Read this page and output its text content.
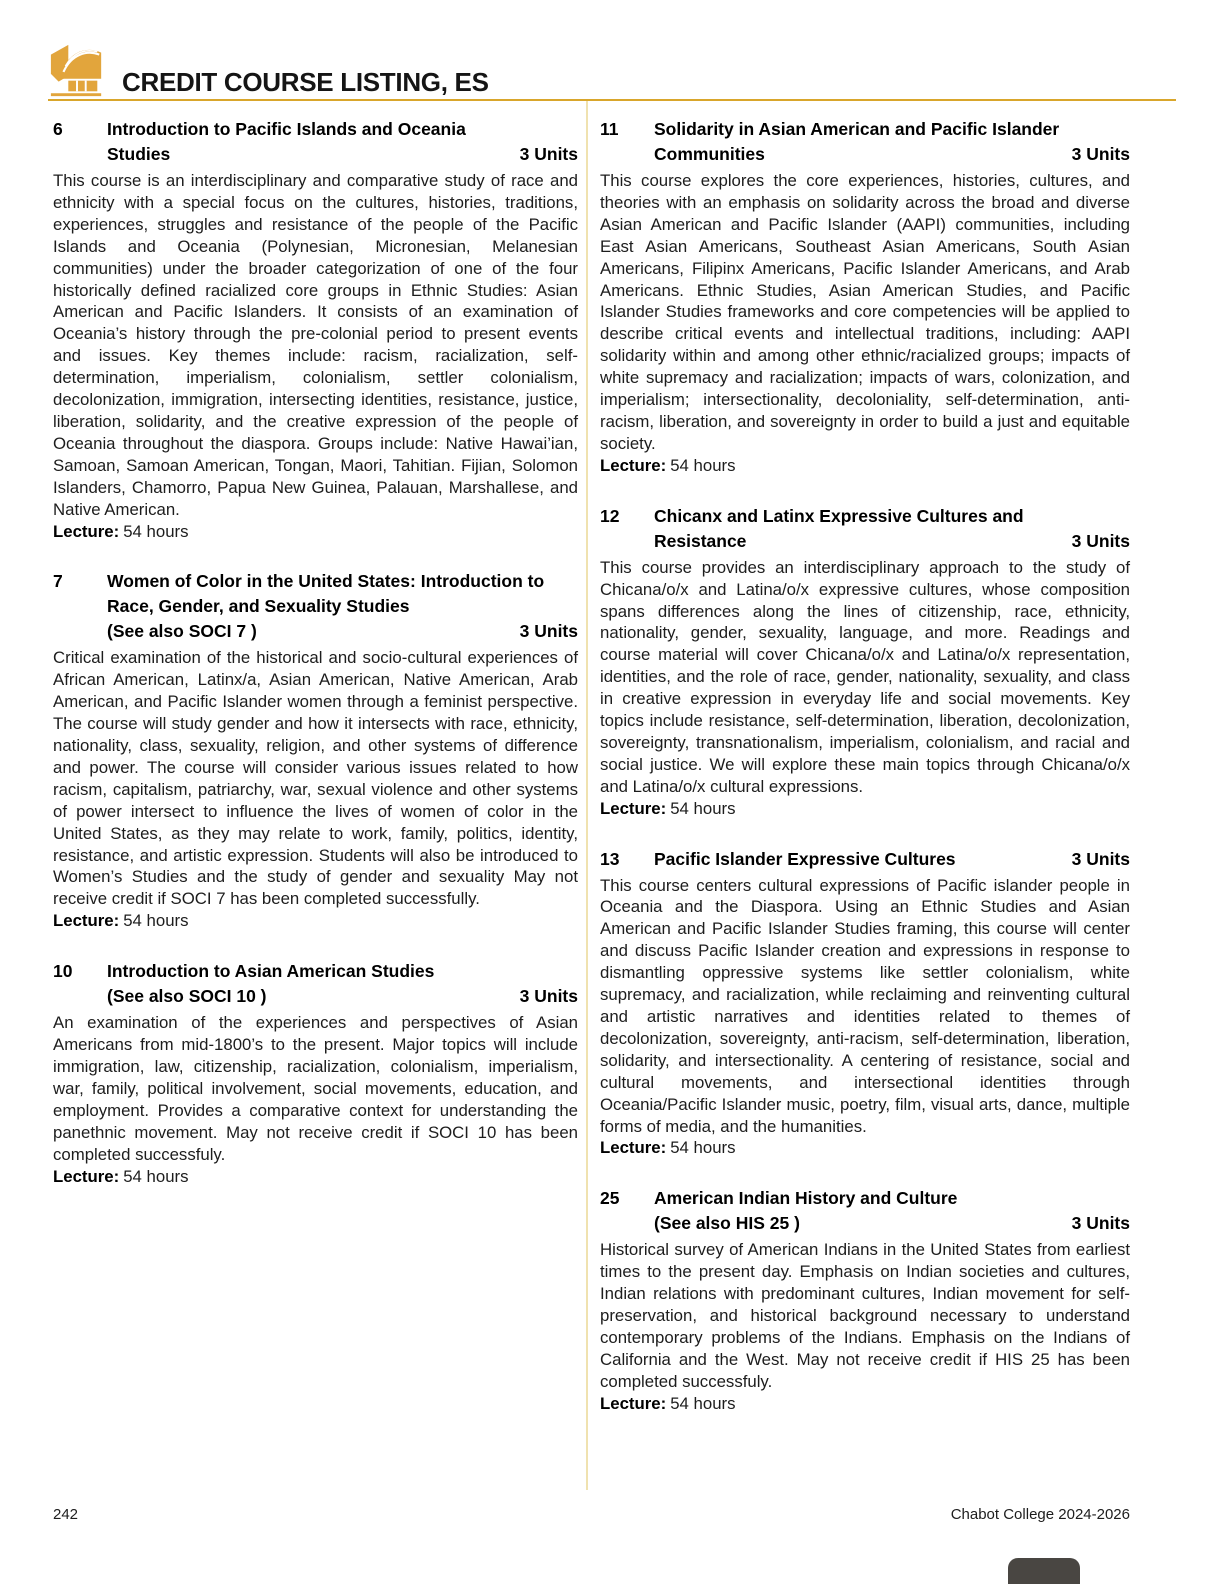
CREDIT COURSE LISTING, ES
6	Introduction to Pacific Islands and Oceania
Studies	3 Units

This course is an interdisciplinary and comparative study of race and ethnicity with a special focus on the cultures, histories, traditions, experiences, struggles and resistance of the people of the Pacific Islands and Oceania (Polynesian, Micronesian, Melanesian communities) under the broader categorization of one of the four historically defined racialized core groups in Ethnic Studies: Asian American and Pacific Islanders. It consists of an examination of Oceania’s history through the pre-colonial period to present events and issues. Key themes include: racism, racialization, self-determination, imperialism, colonialism, settler colonialism, decolonization, immigration, intersecting identities, resistance, justice, liberation, solidarity, and the creative expression of the people of Oceania throughout the diaspora. Groups include: Native Hawai’ian, Samoan, Samoan American, Tongan, Maori, Tahitian. Fijian, Solomon Islanders, Chamorro, Papua New Guinea, Palauan, Marshallese, and Native American.

Lecture: 54 hours

7	Women of Color in the United States: Introduction to
Race, Gender, and Sexuality Studies
(See also SOCI 7 )	3 Units

Critical examination of the historical and socio-cultural experiences of African American, Latinx/a, Asian American, Native American, Arab American, and Pacific Islander women through a feminist perspective. The course will study gender and how it intersects with race, ethnicity, nationality, class, sexuality, religion, and other systems of difference and power. The course will consider various issues related to how racism, capitalism, patriarchy, war, sexual violence and other systems of power intersect to influence the lives of women of color in the United States, as they may relate to work, family, politics, identity, resistance, and artistic expression. Students will also be introduced to Women’s Studies and the study of gender and sexuality May not receive credit if SOCI 7 has been completed successfully.

Lecture: 54 hours

10	Introduction to Asian American Studies
(See also SOCI 10 )	3 Units

An examination of the experiences and perspectives of Asian Americans from mid-1800’s to the present. Major topics will include immigration, law, citizenship, racialization, colonialism, imperialism, war, family, political involvement, social movements, education, and employment. Provides a comparative context for understanding the panethnic movement. May not receive credit if SOCI 10 has been completed successfuly.

Lecture: 54 hours

11	Solidarity in Asian American and Pacific Islander
Communities	3 Units

This course explores the core experiences, histories, cultures, and theories with an emphasis on solidarity across the broad and diverse Asian American and Pacific Islander (AAPI) communities, including East Asian Americans, Southeast Asian Americans, South Asian Americans, Filipinx Americans, Pacific Islander Americans, and Arab Americans. Ethnic Studies, Asian American Studies, and Pacific Islander Studies frameworks and core competencies will be applied to describe critical events and intellectual traditions, including: AAPI solidarity within and among other ethnic/racialized groups; impacts of white supremacy and racialization; impacts of wars, colonization, and imperialism; intersectionality, decoloniality, self-determination, anti-racism, liberation, and sovereignty in order to build a just and equitable society.

Lecture: 54 hours

12	Chicanx and Latinx Expressive Cultures and
Resistance	3 Units

This course provides an interdisciplinary approach to the study of Chicana/o/x and Latina/o/x expressive cultures, whose composition spans differences along the lines of citizenship, race, ethnicity, nationality, gender, sexuality, language, and more. Readings and course material will cover Chicana/o/x and Latina/o/x representation, identities, and the role of race, gender, nationality, sexuality, and class in creative expression in everyday life and social movements. Key topics include resistance, self-determination, liberation, decolonization, sovereignty, transnationalism, imperialism, colonialism, and racial and social justice. We will explore these main topics through Chicana/o/x and Latina/o/x cultural expressions.

Lecture: 54 hours

13	Pacific Islander Expressive Cultures	3 Units

This course centers cultural expressions of Pacific islander people in Oceania and the Diaspora. Using an Ethnic Studies and Asian American and Pacific Islander Studies framing, this course will center and discuss Pacific Islander creation and expressions in response to dismantling oppressive systems like settler colonialism, white supremacy, and racialization, while reclaiming and reinventing cultural and artistic narratives and identities related to themes of decolonization, sovereignty, anti-racism, self-determination, liberation, solidarity, and intersectionality. A centering of resistance, social and cultural movements, and intersectional identities through Oceania/Pacific Islander music, poetry, film, visual arts, dance, multiple forms of media, and the humanities.

Lecture: 54 hours

25	American Indian History and Culture
(See also HIS 25 )	3 Units

Historical survey of American Indians in the United States from earliest times to the present day. Emphasis on Indian societies and cultures, Indian relations with predominant cultures, Indian movement for self-preservation, and historical background necessary to understand contemporary problems of the Indians. Emphasis on the Indians of California and the West. May not receive credit if HIS 25 has been completed successfuly.

Lecture: 54 hours

242	Chabot College 2024-2026
